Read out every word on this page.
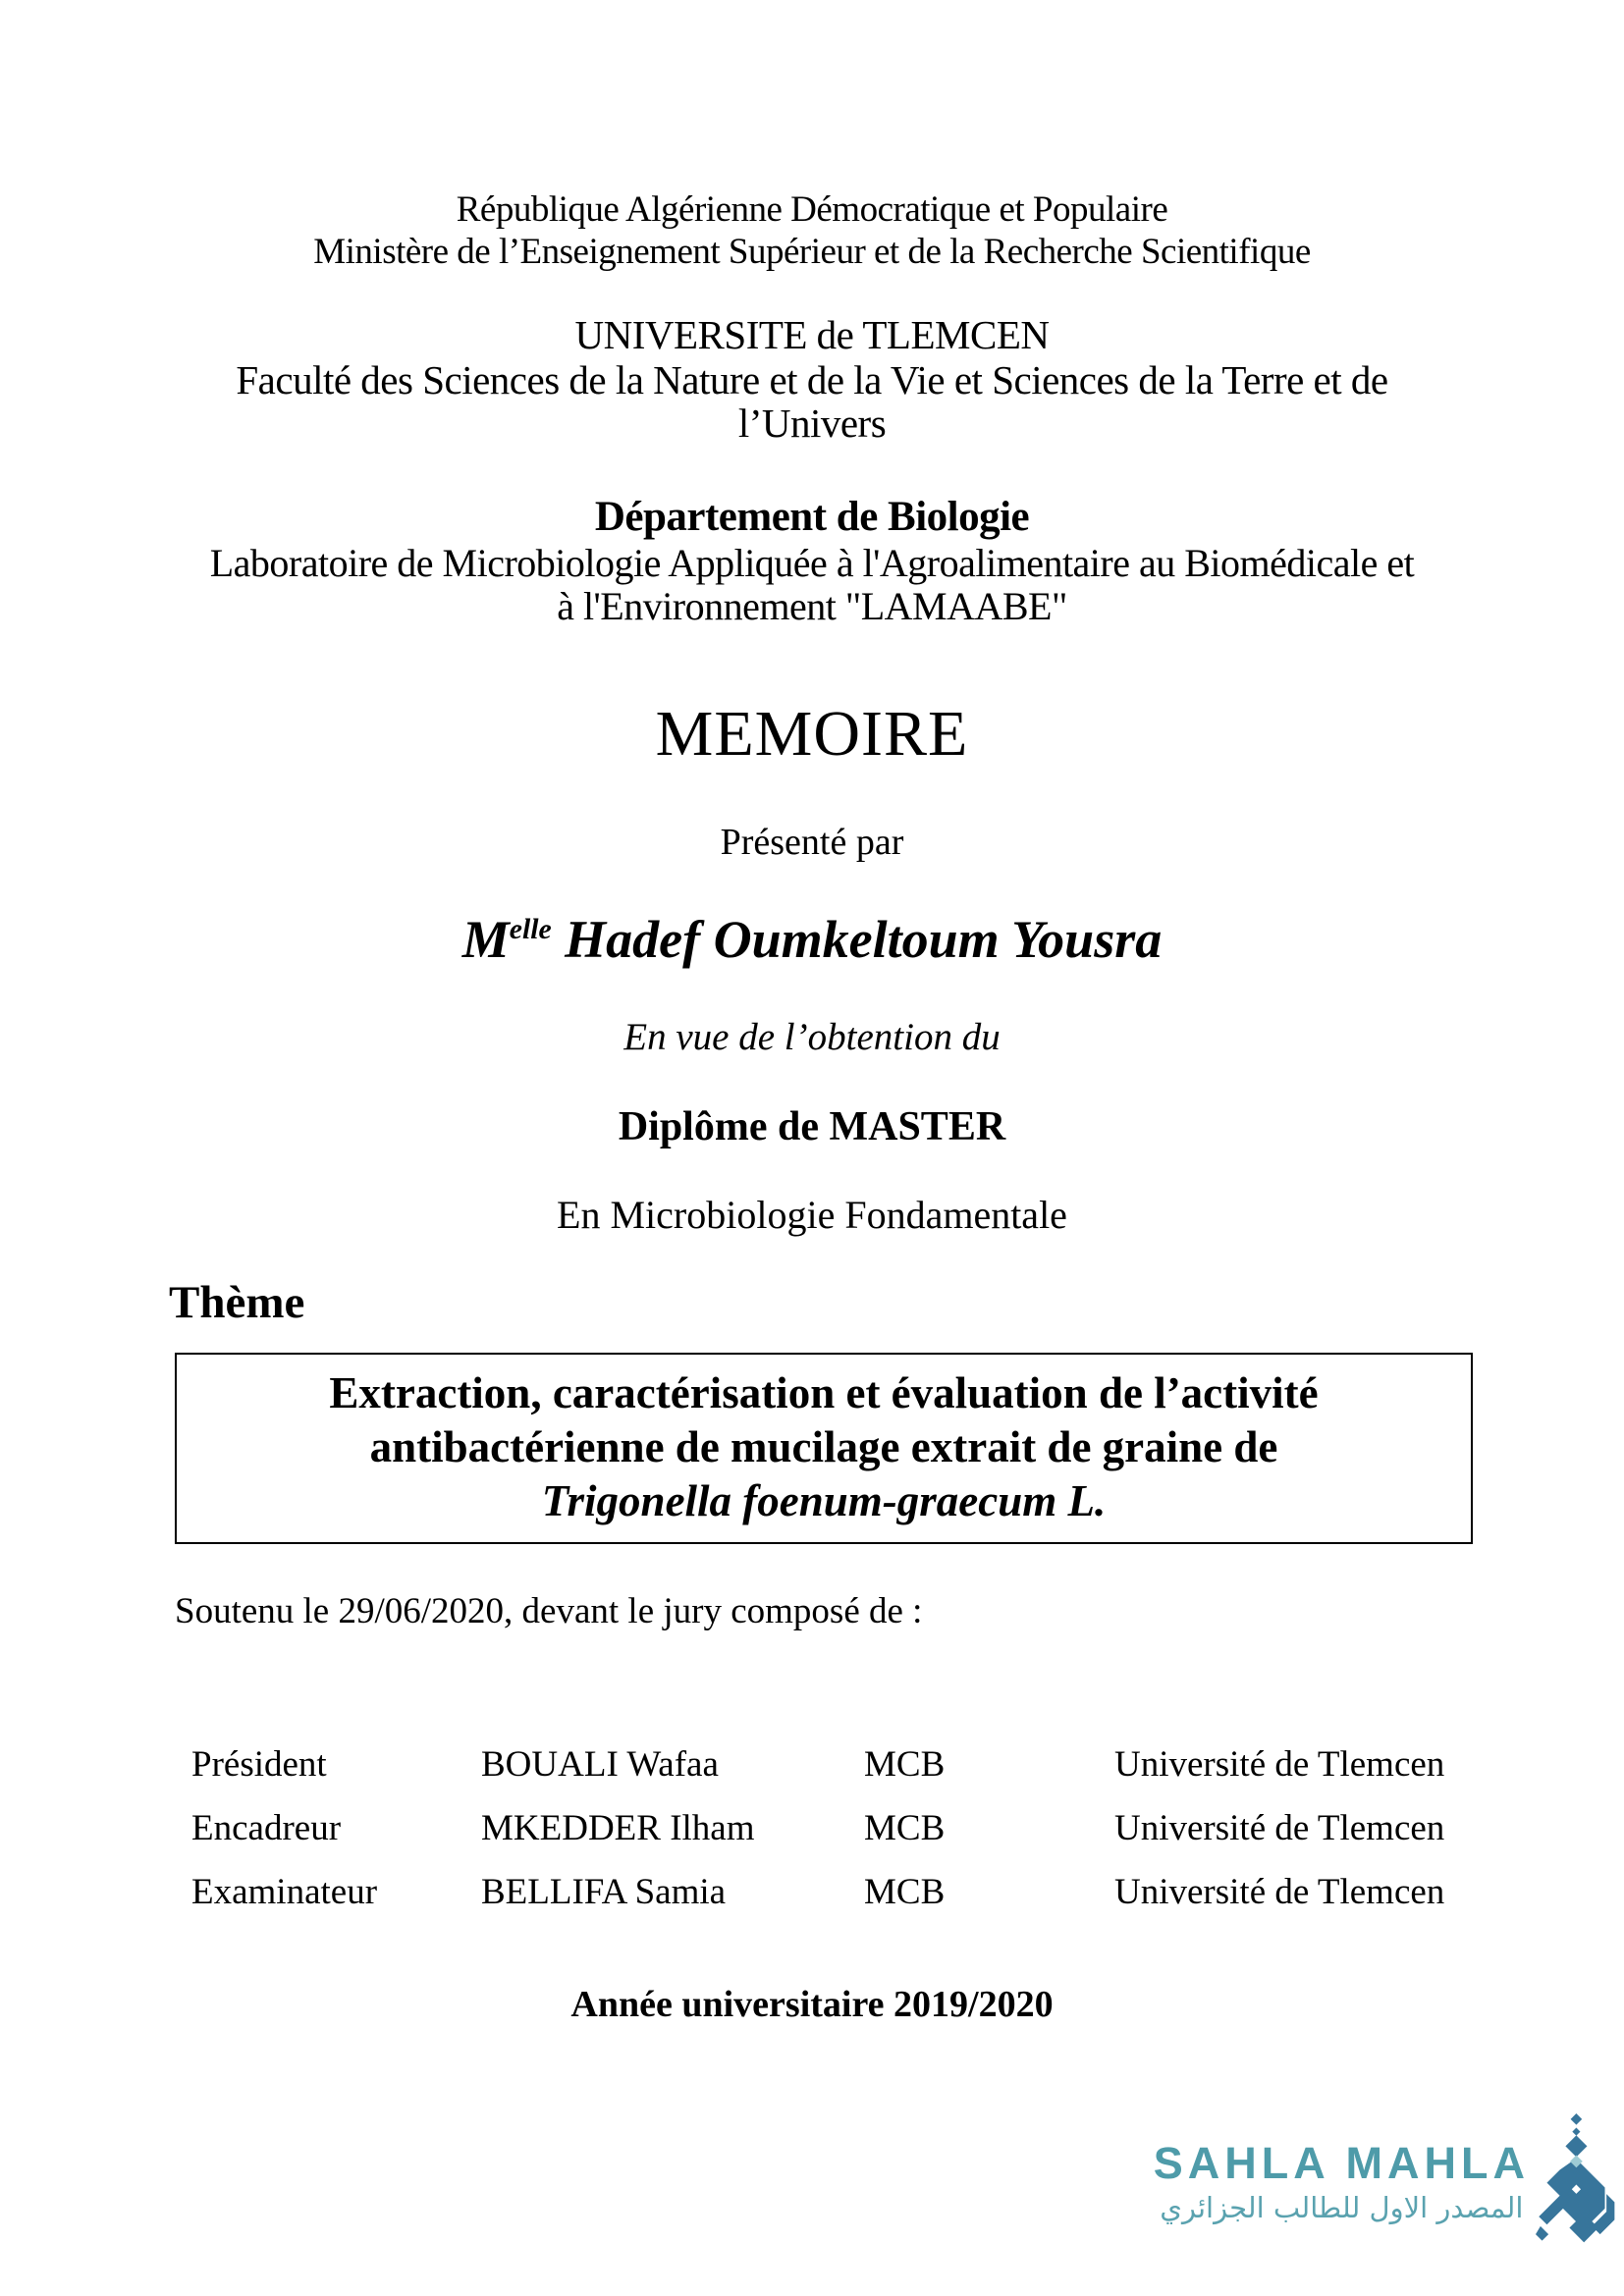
République Algérienne Démocratique et Populaire
Ministère de l’Enseignement Supérieur et de la Recherche Scientifique
UNIVERSITE de TLEMCEN
Faculté des Sciences de la Nature et de la Vie et Sciences de la Terre et de
l’Univers
Département de Biologie
Laboratoire de Microbiologie Appliquée à l'Agroalimentaire au Biomédicale et
à l'Environnement "LAMAABE"
MEMOIRE
Présenté par
$M^{elle}$ Hadef Oumkeltoum Yousra
En vue de l’obtention du
Diplôme de MASTER
En Microbiologie Fondamentale
Thème
Extraction, caractérisation et évaluation de l’activité
antibactérienne de mucilage extrait de graine de
Trigonella foenum-graecum L.
Soutenu le 29/06/2020, devant le jury composé de :
Président	BOUALI Wafaa	MCB	Université de Tlemcen
Encadreur	MKEDDER Ilham	MCB	Université de Tlemcen
Examinateur	BELLIFA Samia	MCB	Université de Tlemcen
Année universitaire 2019/2020
SAHLA MAHLA
المصدر الاول للطالب الجزائري
